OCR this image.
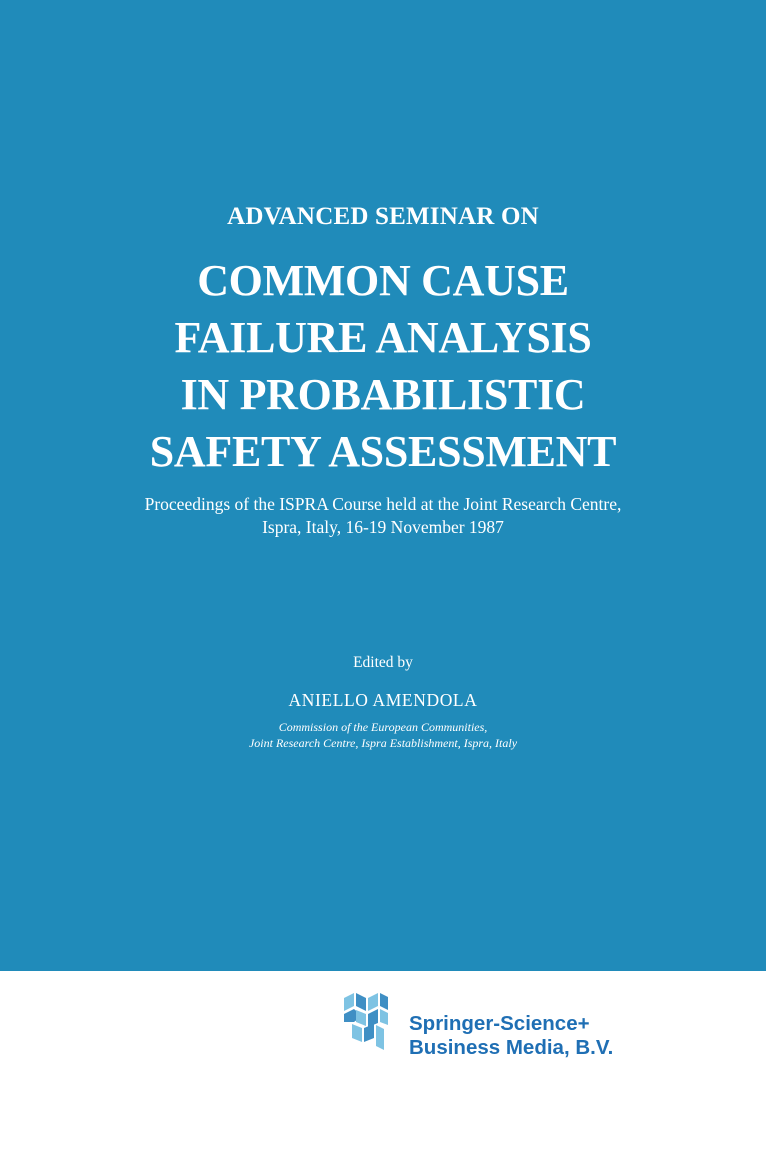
ADVANCED SEMINAR ON
COMMON CAUSE
FAILURE ANALYSIS
IN PROBABILISTIC
SAFETY ASSESSMENT
Proceedings of the ISPRA Course held at the Joint Research Centre,
Ispra, Italy, 16-19 November 1987
Edited by
ANIELLO AMENDOLA
Commission of the European Communities,
Joint Research Centre, Ispra Establishment, Ispra, Italy
Springer-Science+
Business Media, B.V.
